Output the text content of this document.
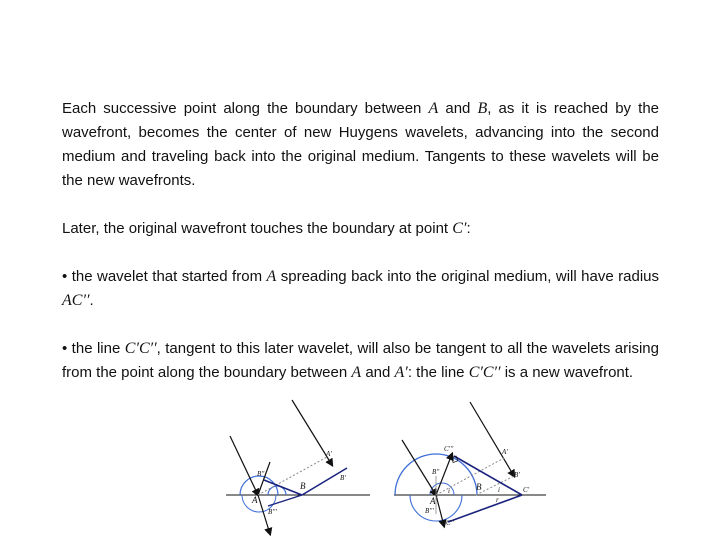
Each successive point along the boundary between A and B, as it is reached by the wavefront, becomes the center of new Huygens wavelets, advancing into the second medium and traveling back into the original medium. Tangents to these wavelets will be the new wavefronts.

Later, the original wavefront touches the boundary at point C′:

• the wavelet that started from A spreading back into the original medium, will have radius AC′′.

• the line C′C′′, tangent to this later wavelet, will also be tangent to all the wavelets arising from the point along the boundary between A and A′: the line C′C′′ is a new wavefront.

A
B
A′
B′
B′′
B′′′
A
B	C′
A′
B′
C′′′
B′′
B′′′
C′′
i	i
r
